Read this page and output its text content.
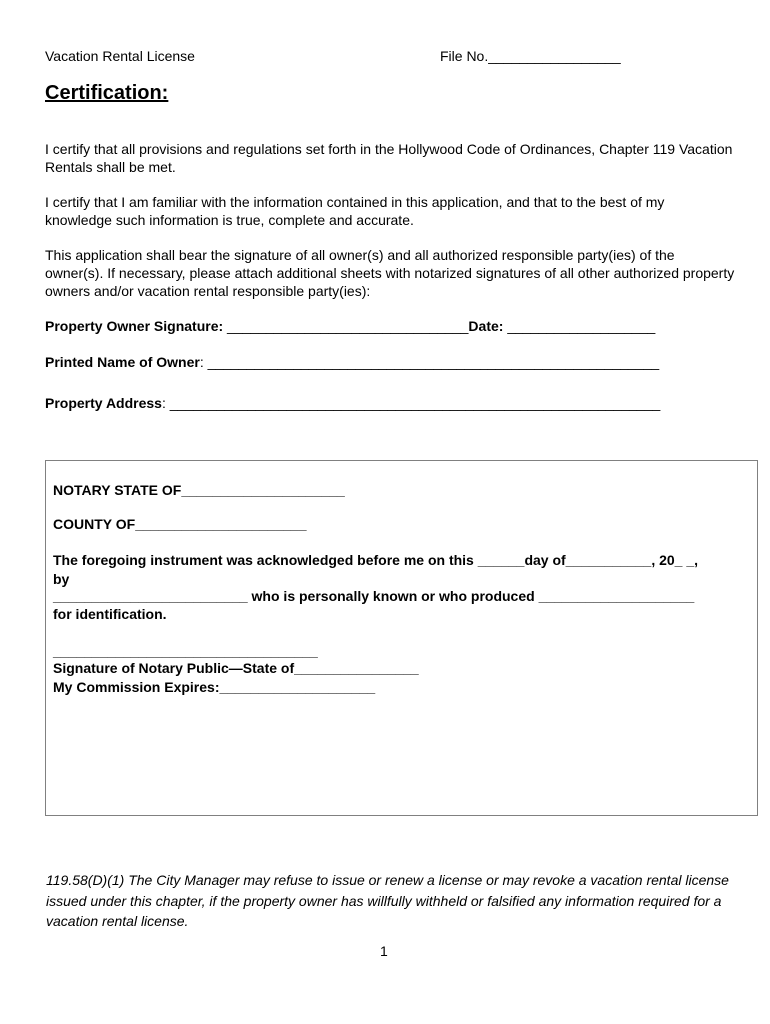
Vacation Rental License	File No._________________
Certification:
I certify that all provisions and regulations set forth in the Hollywood Code of Ordinances, Chapter 119 Vacation Rentals shall be met.
I certify that I am familiar with the information contained in this application, and that to the best of my knowledge such information is true, complete and accurate.
This application shall bear the signature of all owner(s) and all authorized responsible party(ies) of the owner(s). If necessary, please attach additional sheets with notarized signatures of all other authorized property owners and/or vacation rental responsible party(ies):
Property Owner Signature: _______________________________Date: ___________________
Printed Name of Owner: __________________________________________________________
Property Address: _______________________________________________________________
NOTARY STATE OF_____________________
COUNTY OF______________________
The foregoing instrument was acknowledged before me on this ______day of___________, 20_ _,
by
_________________________ who is personally known or who produced ____________________
for identification.
__________________________________
Signature of Notary Public—State of________________
My Commission Expires:____________________
119.58(D)(1) The City Manager may refuse to issue or renew a license or may revoke a vacation rental license issued under this chapter, if the property owner has willfully withheld or falsified any information required for a vacation rental license.
1
